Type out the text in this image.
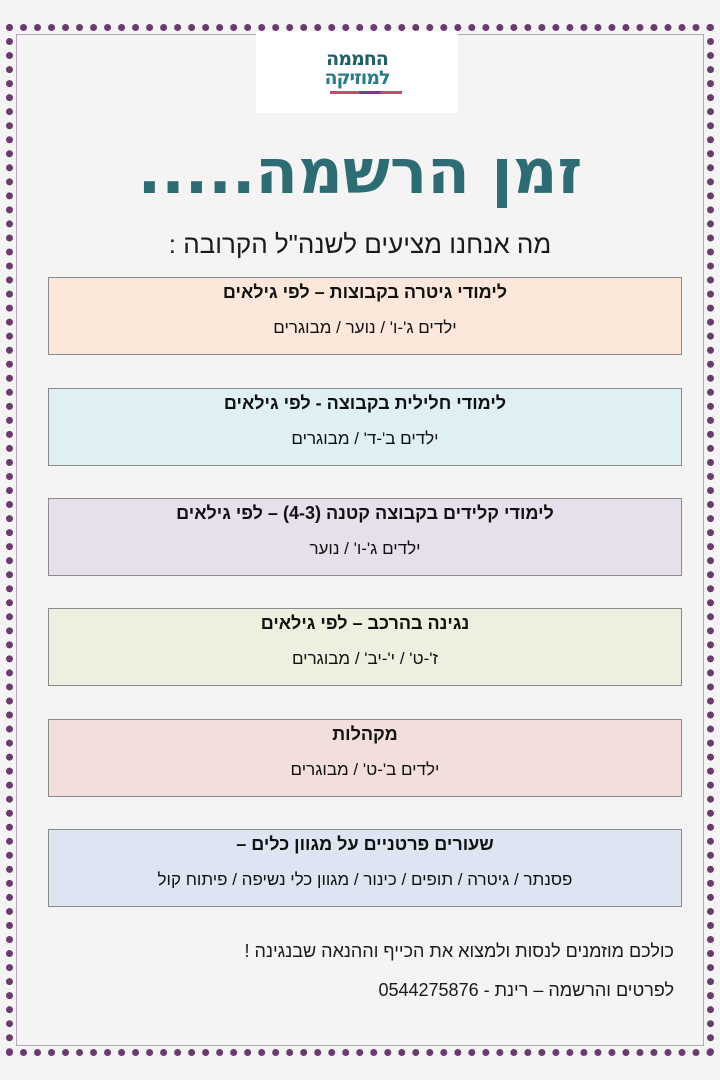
החממה
למוזיקה
זמן הרשמה.....
מה אנחנו מציעים לשנה"ל הקרובה :
לימודי גיטרה בקבוצות – לפי גילאים
ילדים ג'-ו' / נוער / מבוגרים
לימודי חלילית בקבוצה - לפי גילאים
ילדים ב'-ד' / מבוגרים
לימודי קלידים בקבוצה קטנה (4-3) – לפי גילאים
ילדים ג'-ו' / נוער
נגינה בהרכב – לפי גילאים
ז'-ט' / י'-יב' / מבוגרים
מקהלות
ילדים ב'-ט' / מבוגרים
שעורים פרטניים על מגוון כלים –
פסנתר / גיטרה / תופים / כינור / מגוון כלי נשיפה / פיתוח קול
כולכם מוזמנים לנסות ולמצוא את הכייף וההנאה שבנגינה !
לפרטים והרשמה – רינת - 0544275876
